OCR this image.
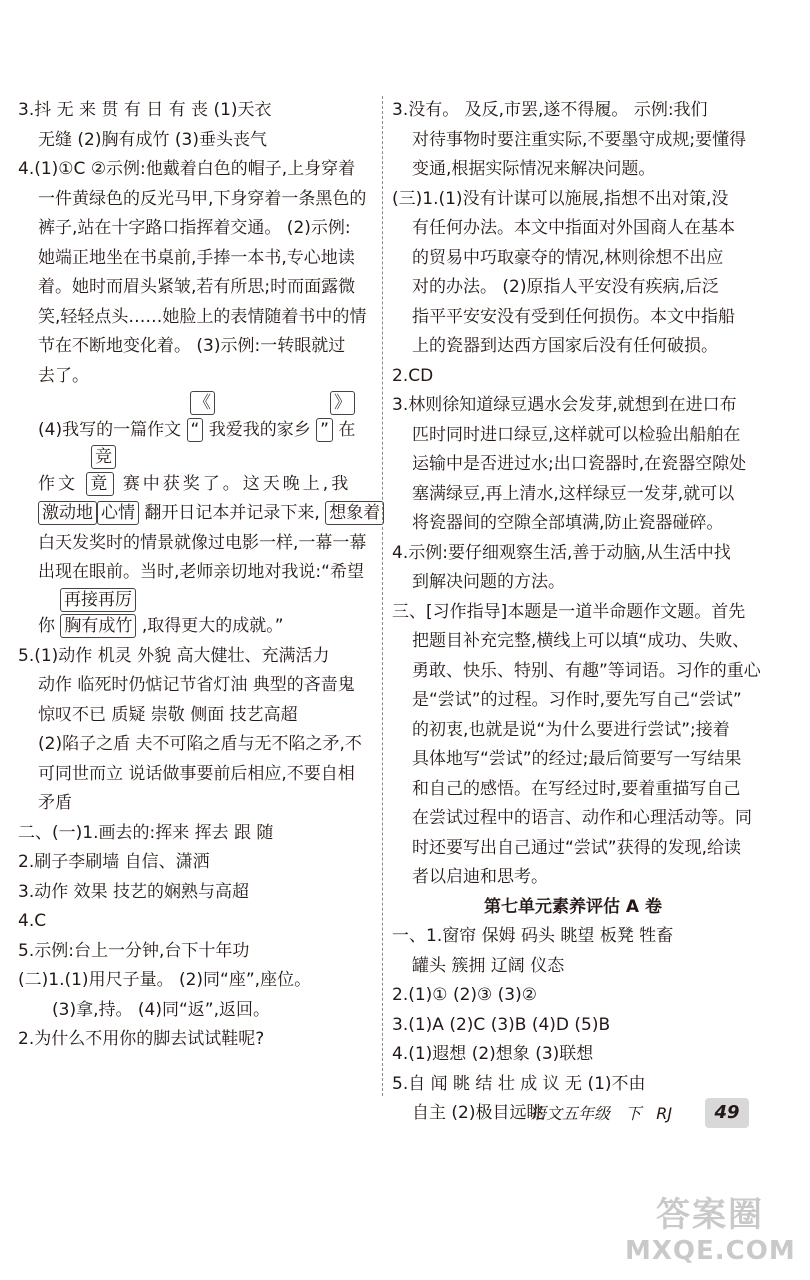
3.抖 无 来 贯 有 日 有 丧 (1)天衣
无缝 (2)胸有成竹 (3)垂头丧气
4.(1)①C ②示例:他戴着白色的帽子,上身穿着
一件黄绿色的反光马甲,下身穿着一条黑色的
裤子,站在十字路口指挥着交通。 (2)示例:
她端正地坐在书桌前,手捧一本书,专心地读
着。她时而眉头紧皱,若有所思;时而面露微
笑,轻轻点头……她脸上的表情随着书中的情
节在不断地变化着。 (3)示例:一转眼就过
去了。
《	》
(4)我写的一篇作文 “ 我爱我的家乡 ” 在
竞
作文 竟 赛中获奖了。这天晚上,我
激动地 心情 翻开日记本并记录下来, 想象着
白天发奖时的情景就像过电影一样,一幕一幕
出现在眼前。当时,老师亲切地对我说:“希望
再接再厉
你 胸有成竹 ,取得更大的成就。”
5.(1)动作 机灵 外貌 高大健壮、充满活力
动作 临死时仍惦记节省灯油 典型的吝啬鬼
惊叹不已 质疑 崇敬 侧面 技艺高超
(2)陷子之盾 夫不可陷之盾与无不陷之矛,不
可同世而立 说话做事要前后相应,不要自相
矛盾
二、(一)1.画去的:挥来 挥去 跟 随
2.刷子李刷墙 自信、潇洒
3.动作 效果 技艺的娴熟与高超
4.C
5.示例:台上一分钟,台下十年功
(二)1.(1)用尺子量。 (2)同“座”,座位。
(3)拿,持。 (4)同“返”,返回。
2.为什么不用你的脚去试试鞋呢?
3.没有。 及反,市罢,遂不得履。 示例:我们
对待事物时要注重实际,不要墨守成规;要懂得
变通,根据实际情况来解决问题。
(三)1.(1)没有计谋可以施展,指想不出对策,没
有任何办法。本文中指面对外国商人在基本
的贸易中巧取豪夺的情况,林则徐想不出应
对的办法。 (2)原指人平安没有疾病,后泛
指平平安安没有受到任何损伤。本文中指船
上的瓷器到达西方国家后没有任何破损。
2.CD
3.林则徐知道绿豆遇水会发芽,就想到在进口布
匹时同时进口绿豆,这样就可以检验出船舶在
运输中是否进过水;出口瓷器时,在瓷器空隙处
塞满绿豆,再上清水,这样绿豆一发芽,就可以
将瓷器间的空隙全部填满,防止瓷器碰碎。
4.示例:要仔细观察生活,善于动脑,从生活中找
到解决问题的方法。
三、[习作指导]本题是一道半命题作文题。首先
把题目补充完整,横线上可以填“成功、失败、
勇敢、快乐、特别、有趣”等词语。习作的重心
是“尝试”的过程。习作时,要先写自己“尝试”
的初衷,也就是说“为什么要进行尝试”;接着
具体地写“尝试”的经过;最后简要写一写结果
和自己的感悟。在写经过时,要着重描写自己
在尝试过程中的语言、动作和心理活动等。同
时还要写出自己通过“尝试”获得的发现,给读
者以启迪和思考。
第七单元素养评估 A 卷
一、1.窗帘 保姆 码头 眺望 板凳 牲畜
罐头 簇拥 辽阔 仪态
2.(1)① (2)③ (3)②
3.(1)A (2)C (3)B (4)D (5)B
4.(1)遐想 (2)想象 (3)联想
5.自 闻 眺 结 壮 成 议 无 (1)不由
自主 (2)极目远眺
语文五年级 下 RJ	49
答案圈
MXQE.COM
